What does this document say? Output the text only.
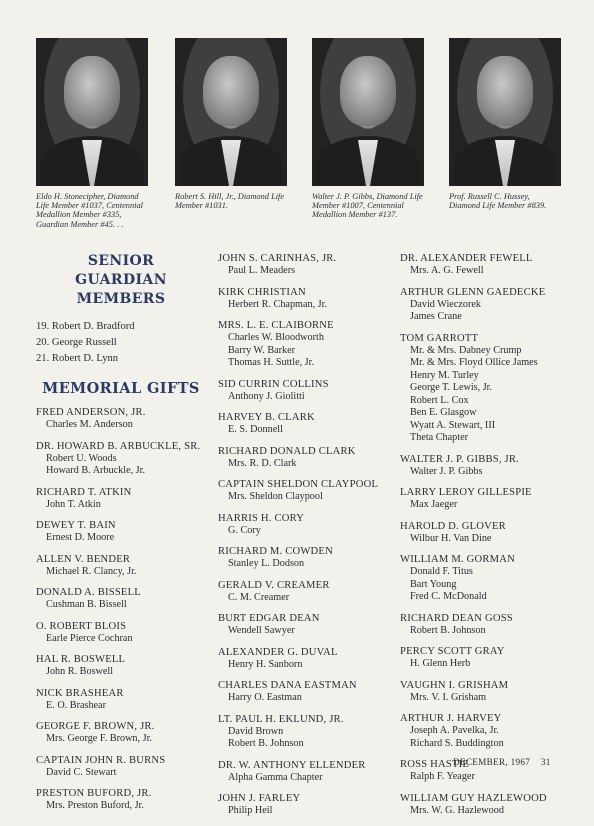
Eldo H. Stonecipher, Diamond Life Member #1037, Centennial Medallion Member #335, Guardian Member #45. . .
Robert S. Hill, Jr., Diamond Life Member #1031.
Walter J. P. Gibbs, Diamond Life Member #1007, Centennial Medallion Member #137.
Prof. Russell C. Hussey, Diamond Life Member #839.
SENIOR
GUARDIAN
MEMBERS
19. Robert D. Bradford
20. George Russell
21. Robert D. Lynn
MEMORIAL GIFTS
FRED ANDERSON, JR.
Charles M. Anderson
DR. HOWARD B. ARBUCKLE, SR.
Robert U. Woods
Howard B. Arbuckle, Jr.
RICHARD T. ATKIN
John T. Atkin
DEWEY T. BAIN
Ernest D. Moore
ALLEN V. BENDER
Michael R. Clancy, Jr.
DONALD A. BISSELL
Cushman B. Bissell
O. ROBERT BLOIS
Earle Pierce Cochran
HAL R. BOSWELL
John R. Boswell
NICK BRASHEAR
E. O. Brashear
GEORGE F. BROWN, JR.
Mrs. George F. Brown, Jr.
CAPTAIN JOHN R. BURNS
David C. Stewart
PRESTON BUFORD, JR.
Mrs. Preston Buford, Jr.
JOHN S. CARINHAS, JR.
Paul L. Meaders
KIRK CHRISTIAN
Herbert R. Chapman, Jr.
MRS. L. E. CLAIBORNE
Charles W. Bloodworth
Barry W. Barker
Thomas H. Suttle, Jr.
SID CURRIN COLLINS
Anthony J. Giolitti
HARVEY B. CLARK
E. S. Donnell
RICHARD DONALD CLARK
Mrs. R. D. Clark
CAPTAIN SHELDON CLAYPOOL
Mrs. Sheldon Claypool
HARRIS H. CORY
G. Cory
RICHARD M. COWDEN
Stanley L. Dodson
GERALD V. CREAMER
C. M. Creamer
BURT EDGAR DEAN
Wendell Sawyer
ALEXANDER G. DUVAL
Henry H. Sanborn
CHARLES DANA EASTMAN
Harry O. Eastman
LT. PAUL H. EKLUND, JR.
David Brown
Robert B. Johnson
DR. W. ANTHONY ELLENDER
Alpha Gamma Chapter
JOHN J. FARLEY
Philip Heil
DR. ALEXANDER FEWELL
Mrs. A. G. Fewell
ARTHUR GLENN GAEDECKE
David Wieczorek
James Crane
TOM GARROTT
Mr. & Mrs. Dabney Crump
Mr. & Mrs. Floyd Ollice James
Henry M. Turley
George T. Lewis, Jr.
Robert L. Cox
Ben E. Glasgow
Wyatt A. Stewart, III
Theta Chapter
WALTER J. P. GIBBS, JR.
Walter J. P. Gibbs
LARRY LEROY GILLESPIE
Max Jaeger
HAROLD D. GLOVER
Wilbur H. Van Dine
WILLIAM M. GORMAN
Donald F. Titus
Bart Young
Fred C. McDonald
RICHARD DEAN GOSS
Robert B. Johnson
PERCY SCOTT GRAY
H. Glenn Herb
VAUGHN I. GRISHAM
Mrs. V. I. Grisham
ARTHUR J. HARVEY
Joseph A. Pavelka, Jr.
Richard S. Buddington
ROSS HASTIE
Ralph F. Yeager
WILLIAM GUY HAZLEWOOD
Mrs. W. G. Hazlewood
DECEMBER, 1967 31
